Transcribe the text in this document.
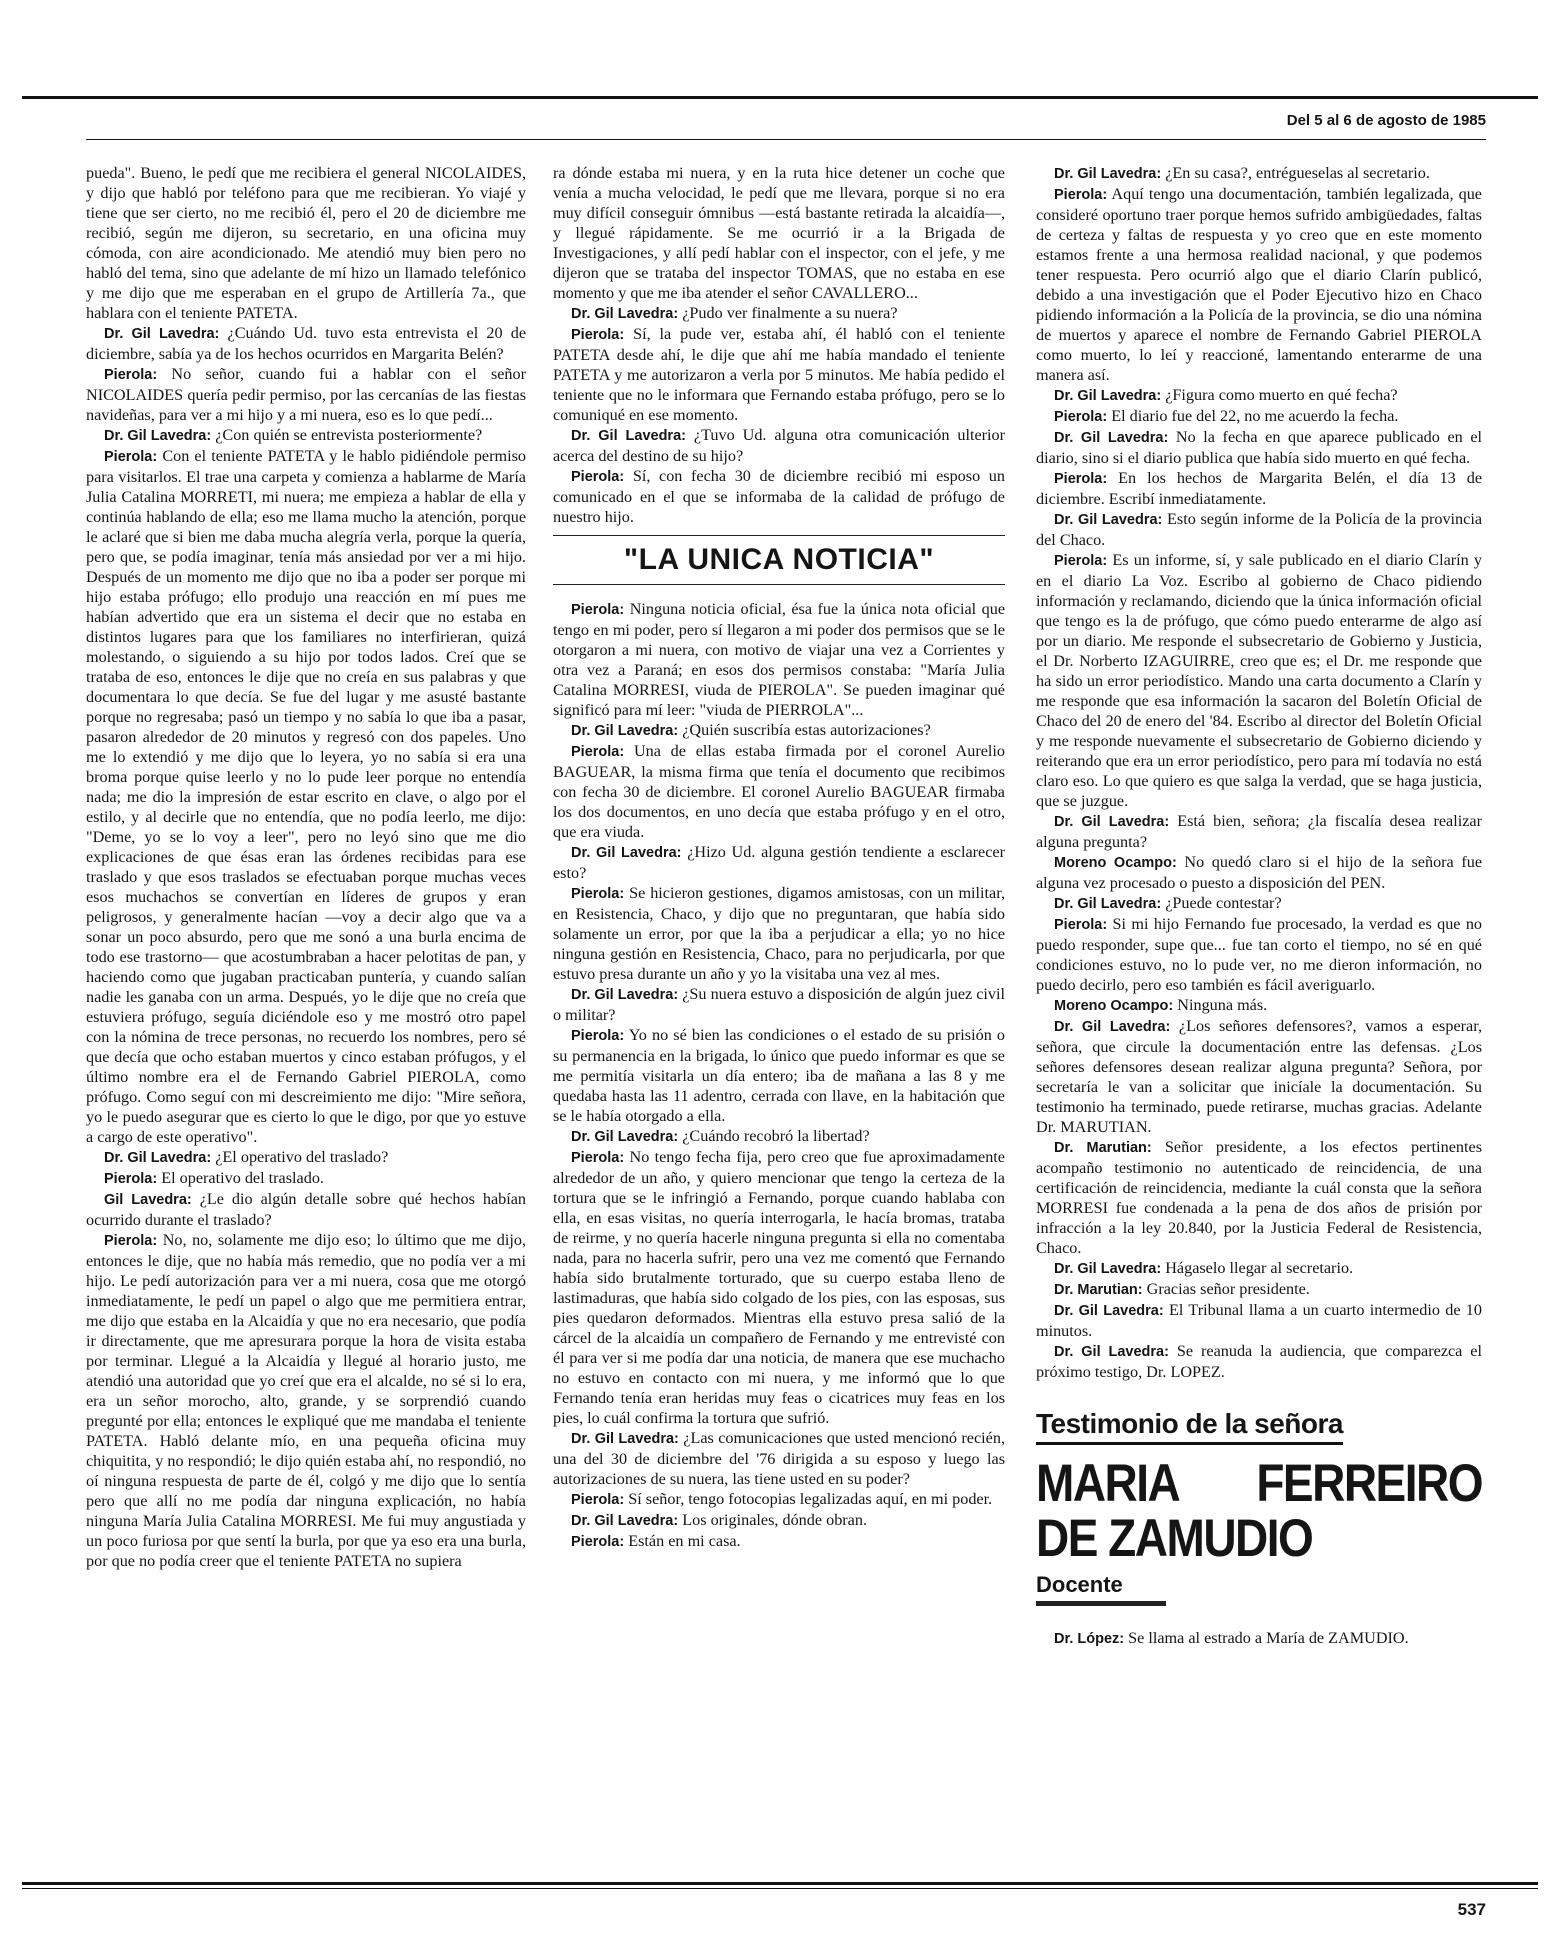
Del 5 al 6 de agosto de 1985

pueda". Bueno, le pedí que me recibiera el general NICOLAIDES, y dijo que habló por teléfono para que me recibieran. Yo viajé y tiene que ser cierto, no me recibió él, pero el 20 de diciembre me recibió, según me dijeron, su secretario, en una oficina muy cómoda, con aire acondicionado. Me atendió muy bien pero no habló del tema, sino que adelante de mí hizo un llamado telefónico y me dijo que me esperaban en el grupo de Artillería 7a., que hablara con el teniente PATETA.

Dr. Gil Lavedra: ¿Cuándo Ud. tuvo esta entrevista el 20 de diciembre, sabía ya de los hechos ocurridos en Margarita Belén?

Pierola: No señor, cuando fui a hablar con el señor NICOLAIDES quería pedir permiso, por las cercanías de las fiestas navideñas, para ver a mi hijo y a mi nuera, eso es lo que pedí...

Dr. Gil Lavedra: ¿Con quién se entrevista posteriormente?

Pierola: Con el teniente PATETA y le hablo pidiéndole permiso para visitarlos. El trae una carpeta y comienza a hablarme de María Julia Catalina MORRETI, mi nuera; me empieza a hablar de ella y continúa hablando de ella; eso me llama mucho la atención, porque le aclaré que si bien me daba mucha alegría verla, porque la quería, pero que, se podía imaginar, tenía más ansiedad por ver a mi hijo. Después de un momento me dijo que no iba a poder ser porque mi hijo estaba prófugo; ello produjo una reacción en mí pues me habían advertido que era un sistema el decir que no estaba en distintos lugares para que los familiares no interfirieran, quizá molestando, o siguiendo a su hijo por todos lados. Creí que se trataba de eso, entonces le dije que no creía en sus palabras y que documentara lo que decía. Se fue del lugar y me asusté bastante porque no regresaba; pasó un tiempo y no sabía lo que iba a pasar, pasaron alrededor de 20 minutos y regresó con dos papeles. Uno me lo extendió y me dijo que lo leyera, yo no sabía si era una broma porque quise leerlo y no lo pude leer porque no entendía nada; me dio la impresión de estar escrito en clave, o algo por el estilo, y al decirle que no entendía, que no podía leerlo, me dijo: "Deme, yo se lo voy a leer", pero no leyó sino que me dio explicaciones de que ésas eran las órdenes recibidas para ese traslado y que esos traslados se efectuaban porque muchas veces esos muchachos se convertían en líderes de grupos y eran peligrosos, y generalmente hacían —voy a decir algo que va a sonar un poco absurdo, pero que me sonó a una burla encima de todo ese trastorno— que acostumbraban a hacer pelotitas de pan, y haciendo como que jugaban practicaban puntería, y cuando salían nadie les ganaba con un arma. Después, yo le dije que no creía que estuviera prófugo, seguía diciéndole eso y me mostró otro papel con la nómina de trece personas, no recuerdo los nombres, pero sé que decía que ocho estaban muertos y cinco estaban prófugos, y el último nombre era el de Fernando Gabriel PIEROLA, como prófugo. Como seguí con mi descreimiento me dijo: "Mire señora, yo le puedo asegurar que es cierto lo que le digo, por que yo estuve a cargo de este operativo".

Dr. Gil Lavedra: ¿El operativo del traslado?

Pierola: El operativo del traslado.

Gil Lavedra: ¿Le dio algún detalle sobre qué hechos habían ocurrido durante el traslado?

Pierola: No, no, solamente me dijo eso; lo último que me dijo, entonces le dije, que no había más remedio, que no podía ver a mi hijo. Le pedí autorización para ver a mi nuera, cosa que me otorgó inmediatamente, le pedí un papel o algo que me permitiera entrar, me dijo que estaba en la Alcaidía y que no era necesario, que podía ir directamente, que me apresurara porque la hora de visita estaba por terminar. Llegué a la Alcaidía y llegué al horario justo, me atendió una autoridad que yo creí que era el alcalde, no sé si lo era, era un señor morocho, alto, grande, y se sorprendió cuando pregunté por ella; entonces le expliqué que me mandaba el teniente PATETA. Habló delante mío, en una pequeña oficina muy chiquitita, y no respondió; le dijo quién estaba ahí, no respondió, no oí ninguna respuesta de parte de él, colgó y me dijo que lo sentía pero que allí no me podía dar ninguna explicación, no había ninguna María Julia Catalina MORRESI. Me fui muy angustiada y un poco furiosa por que sentí la burla, por que ya eso era una burla, por que no podía creer que el teniente PATETA no supiera

ra dónde estaba mi nuera, y en la ruta hice detener un coche que venía a mucha velocidad, le pedí que me llevara, porque si no era muy difícil conseguir ómnibus —está bastante retirada la alcaidía—, y llegué rápidamente. Se me ocurrió ir a la Brigada de Investigaciones, y allí pedí hablar con el inspector, con el jefe, y me dijeron que se trataba del inspector TOMAS, que no estaba en ese momento y que me iba atender el señor CAVALLERO...

Dr. Gil Lavedra: ¿Pudo ver finalmente a su nuera?

Pierola: Sí, la pude ver, estaba ahí, él habló con el teniente PATETA desde ahí, le dije que ahí me había mandado el teniente PATETA y me autorizaron a verla por 5 minutos. Me había pedido el teniente que no le informara que Fernando estaba prófugo, pero se lo comuniqué en ese momento.

Dr. Gil Lavedra: ¿Tuvo Ud. alguna otra comunicación ulterior acerca del destino de su hijo?

Pierola: Sí, con fecha 30 de diciembre recibió mi esposo un comunicado en el que se informaba de la calidad de prófugo de nuestro hijo.

"LA UNICA NOTICIA"

Pierola: Ninguna noticia oficial, ésa fue la única nota oficial que tengo en mi poder, pero sí llegaron a mi poder dos permisos que se le otorgaron a mi nuera, con motivo de viajar una vez a Corrientes y otra vez a Paraná; en esos dos permisos constaba: "María Julia Catalina MORRESI, viuda de PIEROLA". Se pueden imaginar qué significó para mí leer: "viuda de PIERROLA"...

Dr. Gil Lavedra: ¿Quién suscribía estas autorizaciones?

Pierola: Una de ellas estaba firmada por el coronel Aurelio BAGUEAR, la misma firma que tenía el documento que recibimos con fecha 30 de diciembre. El coronel Aurelio BAGUEAR firmaba los dos documentos, en uno decía que estaba prófugo y en el otro, que era viuda.

Dr. Gil Lavedra: ¿Hizo Ud. alguna gestión tendiente a esclarecer esto?

Pierola: Se hicieron gestiones, digamos amistosas, con un militar, en Resistencia, Chaco, y dijo que no preguntaran, que había sido solamente un error, por que la iba a perjudicar a ella; yo no hice ninguna gestión en Resistencia, Chaco, para no perjudicarla, por que estuvo presa durante un año y yo la visitaba una vez al mes.

Dr. Gil Lavedra: ¿Su nuera estuvo a disposición de algún juez civil o militar?

Pierola: Yo no sé bien las condiciones o el estado de su prisión o su permanencia en la brigada, lo único que puedo informar es que se me permitía visitarla un día entero; iba de mañana a las 8 y me quedaba hasta las 11 adentro, cerrada con llave, en la habitación que se le había otorgado a ella.

Dr. Gil Lavedra: ¿Cuándo recobró la libertad?

Pierola: No tengo fecha fija, pero creo que fue aproximadamente alrededor de un año, y quiero mencionar que tengo la certeza de la tortura que se le infringió a Fernando, porque cuando hablaba con ella, en esas visitas, no quería interrogarla, le hacía bromas, trataba de reirme, y no quería hacerle ninguna pregunta si ella no comentaba nada, para no hacerla sufrir, pero una vez me comentó que Fernando había sido brutalmente torturado, que su cuerpo estaba lleno de lastimaduras, que había sido colgado de los pies, con las esposas, sus pies quedaron deformados. Mientras ella estuvo presa salió de la cárcel de la alcaidía un compañero de Fernando y me entrevisté con él para ver si me podía dar una noticia, de manera que ese muchacho no estuvo en contacto con mi nuera, y me informó que lo que Fernando tenía eran heridas muy feas o cicatrices muy feas en los pies, lo cuál confirma la tortura que sufrió.

Dr. Gil Lavedra: ¿Las comunicaciones que usted mencionó recién, una del 30 de diciembre del '76 dirigida a su esposo y luego las autorizaciones de su nuera, las tiene usted en su poder?

Pierola: Sí señor, tengo fotocopias legalizadas aquí, en mi poder.

Dr. Gil Lavedra: Los originales, dónde obran.

Pierola: Están en mi casa.

Dr. Gil Lavedra: ¿En su casa?, entrégueselas al secretario.

Pierola: Aquí tengo una documentación, también legalizada, que consideré oportuno traer porque hemos sufrido ambigüedades, faltas de certeza y faltas de respuesta y yo creo que en este momento estamos frente a una hermosa realidad nacional, y que podemos tener respuesta. Pero ocurrió algo que el diario Clarín publicó, debido a una investigación que el Poder Ejecutivo hizo en Chaco pidiendo información a la Policía de la provincia, se dio una nómina de muertos y aparece el nombre de Fernando Gabriel PIEROLA como muerto, lo leí y reaccioné, lamentando enterarme de una manera así.

Dr. Gil Lavedra: ¿Figura como muerto en qué fecha?

Pierola: El diario fue del 22, no me acuerdo la fecha.

Dr. Gil Lavedra: No la fecha en que aparece publicado en el diario, sino si el diario publica que había sido muerto en qué fecha.

Pierola: En los hechos de Margarita Belén, el día 13 de diciembre. Escribí inmediatamente.

Dr. Gil Lavedra: Esto según informe de la Policía de la provincia del Chaco.

Pierola: Es un informe, sí, y sale publicado en el diario Clarín y en el diario La Voz. Escribo al gobierno de Chaco pidiendo información y reclamando, diciendo que la única información oficial que tengo es la de prófugo, que cómo puedo enterarme de algo así por un diario. Me responde el subsecretario de Gobierno y Justicia, el Dr. Norberto IZAGUIRRE, creo que es; el Dr. me responde que ha sido un error periodístico. Mando una carta documento a Clarín y me responde que esa información la sacaron del Boletín Oficial de Chaco del 20 de enero del '84. Escribo al director del Boletín Oficial y me responde nuevamente el subsecretario de Gobierno diciendo y reiterando que era un error periodístico, pero para mí todavía no está claro eso. Lo que quiero es que salga la verdad, que se haga justicia, que se juzgue.

Dr. Gil Lavedra: Está bien, señora; ¿la fiscalía desea realizar alguna pregunta?

Moreno Ocampo: No quedó claro si el hijo de la señora fue alguna vez procesado o puesto a disposición del PEN.

Dr. Gil Lavedra: ¿Puede contestar?

Pierola: Si mi hijo Fernando fue procesado, la verdad es que no puedo responder, supe que... fue tan corto el tiempo, no sé en qué condiciones estuvo, no lo pude ver, no me dieron información, no puedo decirlo, pero eso también es fácil averiguarlo.

Moreno Ocampo: Ninguna más.

Dr. Gil Lavedra: ¿Los señores defensores?, vamos a esperar, señora, que circule la documentación entre las defensas. ¿Los señores defensores desean realizar alguna pregunta? Señora, por secretaría le van a solicitar que inicíale la documentación. Su testimonio ha terminado, puede retirarse, muchas gracias. Adelante Dr. MARUTIAN.

Dr. Marutian: Señor presidente, a los efectos pertinentes acompaño testimonio no autenticado de reincidencia, de una certificación de reincidencia, mediante la cuál consta que la señora MORRESI fue condenada a la pena de dos años de prisión por infracción a la ley 20.840, por la Justicia Federal de Resistencia, Chaco.

Dr. Gil Lavedra: Hágaselo llegar al secretario.

Dr. Marutian: Gracias señor presidente.

Dr. Gil Lavedra: El Tribunal llama a un cuarto intermedio de 10 minutos.

Dr. Gil Lavedra: Se reanuda la audiencia, que comparezca el próximo testigo, Dr. LOPEZ.

Testimonio de la señora
MARIA FERREIRO DE ZAMUDIO
Docente

Dr. López: Se llama al estrado a María de ZAMUDIO.

537
